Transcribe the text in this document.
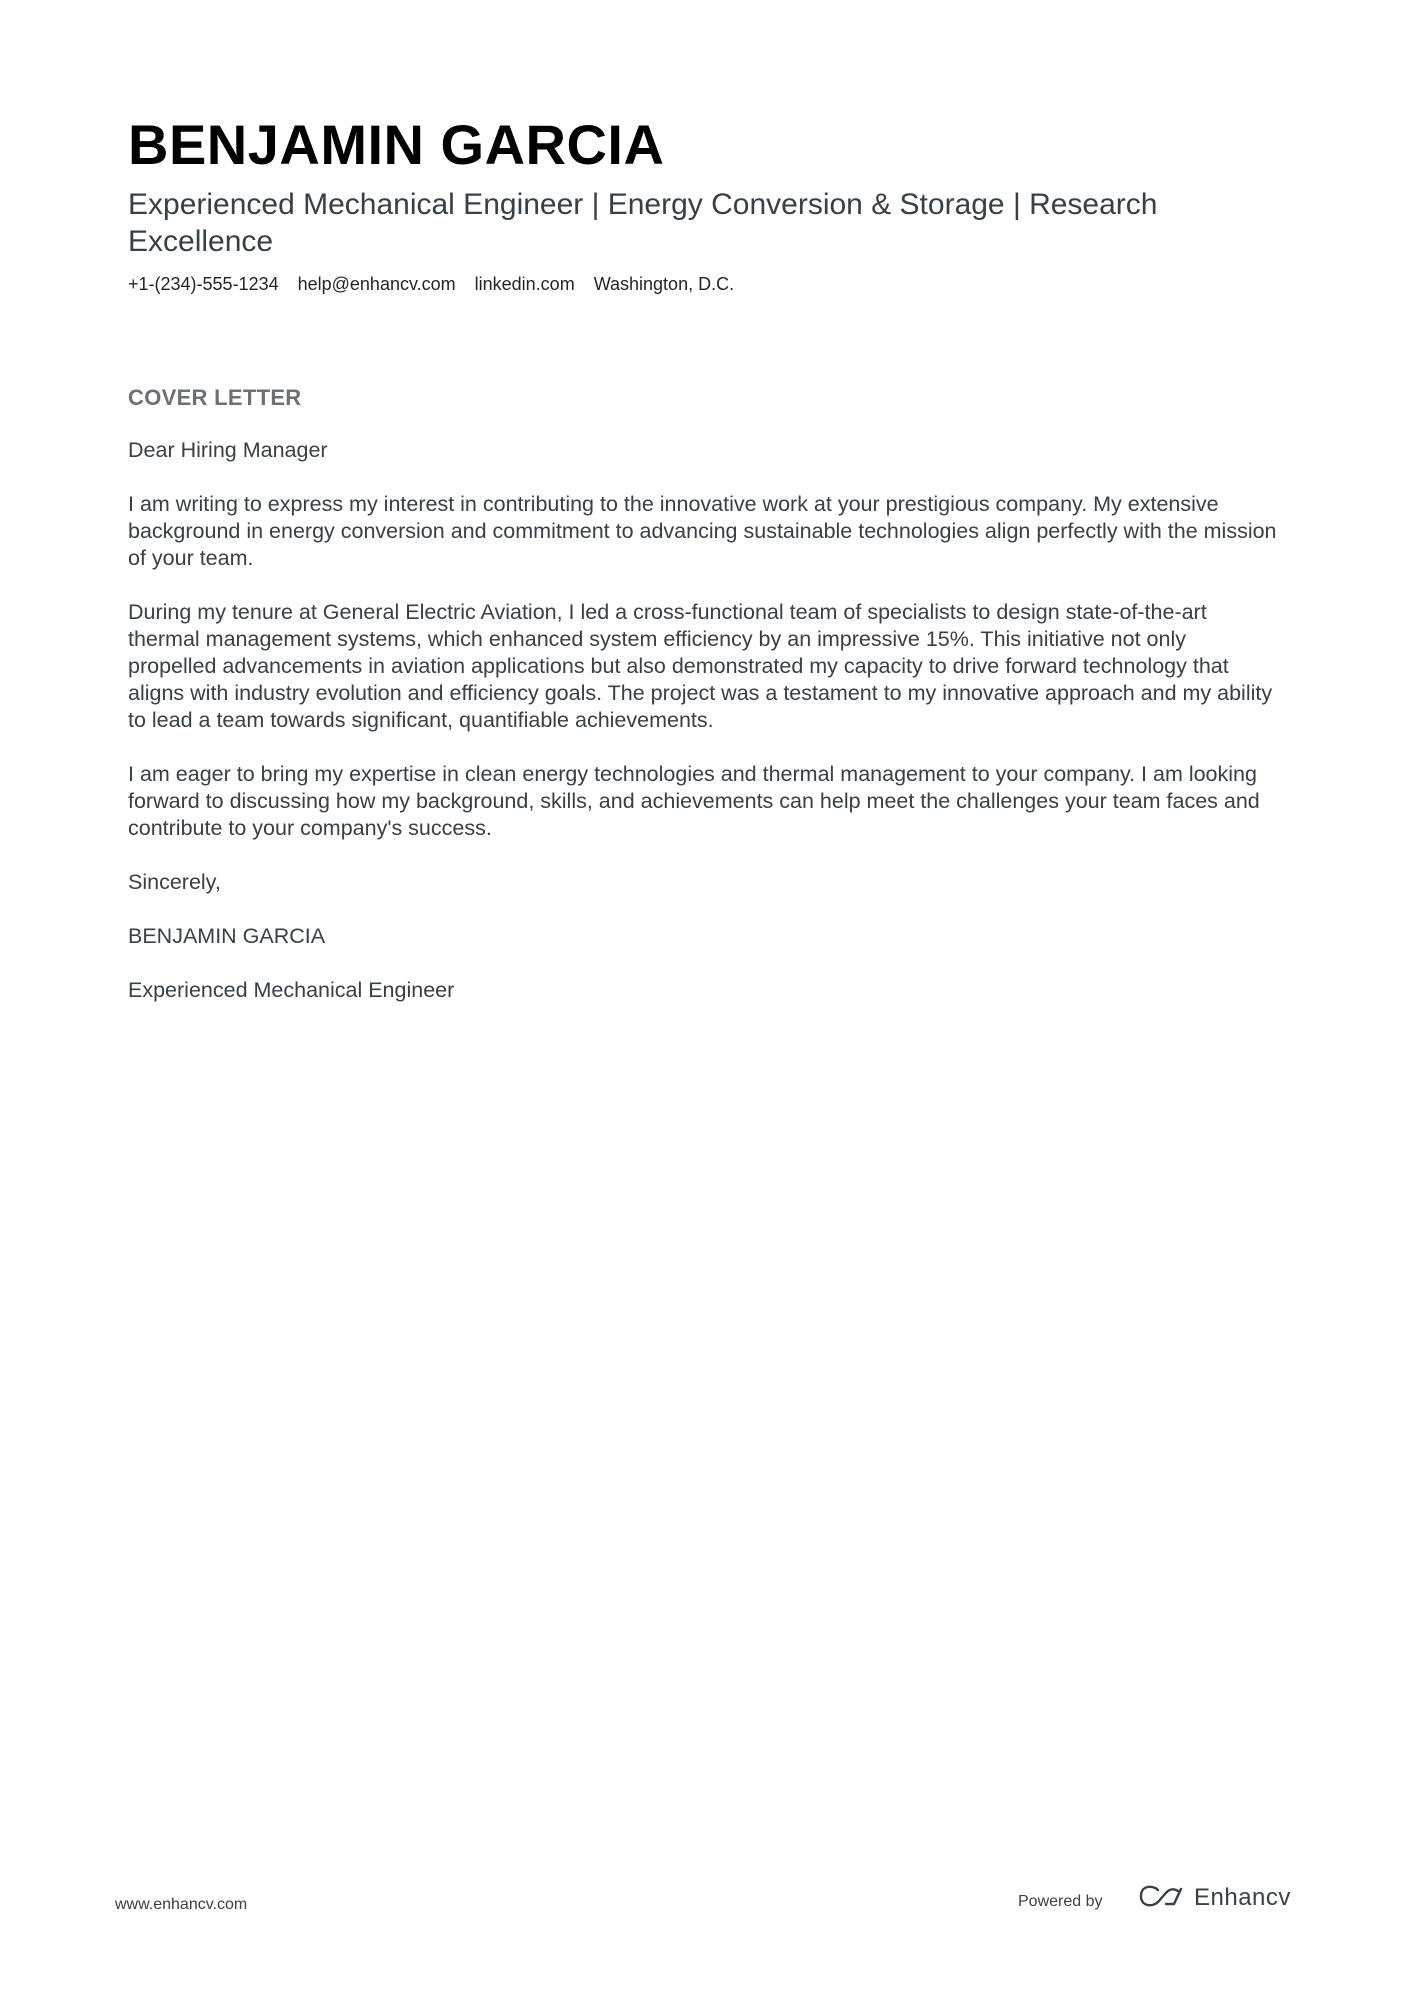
BENJAMIN GARCIA
Experienced Mechanical Engineer | Energy Conversion & Storage | Research Excellence
+1-(234)-555-1234 help@enhancv.com linkedin.com Washington, D.C.
COVER LETTER

Dear Hiring Manager

I am writing to express my interest in contributing to the innovative work at your prestigious company. My extensive background in energy conversion and commitment to advancing sustainable technologies align perfectly with the mission of your team.

During my tenure at General Electric Aviation, I led a cross-functional team of specialists to design state-of-the-art thermal management systems, which enhanced system efficiency by an impressive 15%. This initiative not only propelled advancements in aviation applications but also demonstrated my capacity to drive forward technology that aligns with industry evolution and efficiency goals. The project was a testament to my innovative approach and my ability to lead a team towards significant, quantifiable achievements.

I am eager to bring my expertise in clean energy technologies and thermal management to your company. I am looking forward to discussing how my background, skills, and achievements can help meet the challenges your team faces and contribute to your company's success.

Sincerely,

BENJAMIN GARCIA

Experienced Mechanical Engineer

www.enhancv.com	Powered by	Enhancv
